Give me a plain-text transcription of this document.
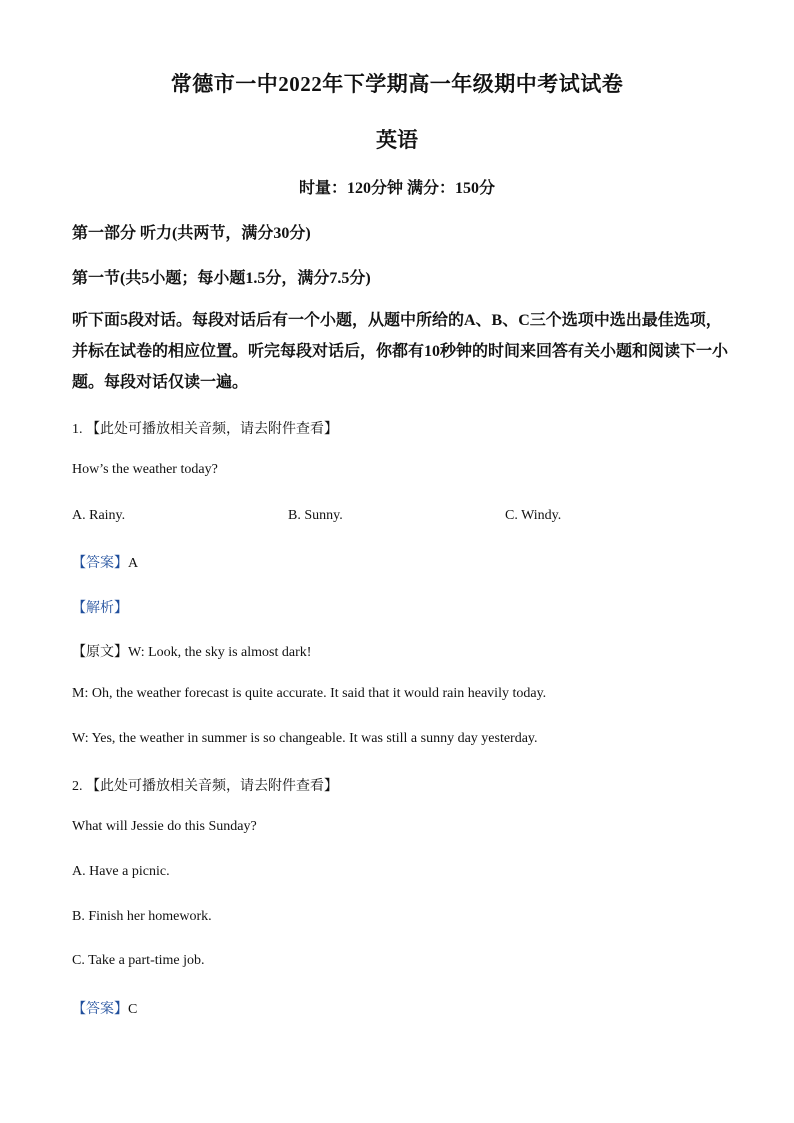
常德市一中2022年下学期高一年级期中考试试卷
英语
时量：120分钟 满分：150分
第一部分 听力(共两节，满分30分)
第一节(共5小题；每小题1.5分，满分7.5分)
听下面5段对话。每段对话后有一个小题，从题中所给的A、B、C三个选项中选出最佳选项，并标在试卷的相应位置。听完每段对话后，你都有10秒钟的时间来回答有关小题和阅读下一小题。每段对话仅读一遍。
1. 【此处可播放相关音频，请去附件查看】
How’s the weather today?
A. Rainy.	B. Sunny.	C. Windy.
【答案】A
【解析】
【原文】W: Look, the sky is almost dark!
M: Oh, the weather forecast is quite accurate. It said that it would rain heavily today.
W: Yes, the weather in summer is so changeable. It was still a sunny day yesterday.
2. 【此处可播放相关音频，请去附件查看】
What will Jessie do this Sunday?
A. Have a picnic.
B. Finish her homework.
C. Take a part-time job.
【答案】C
